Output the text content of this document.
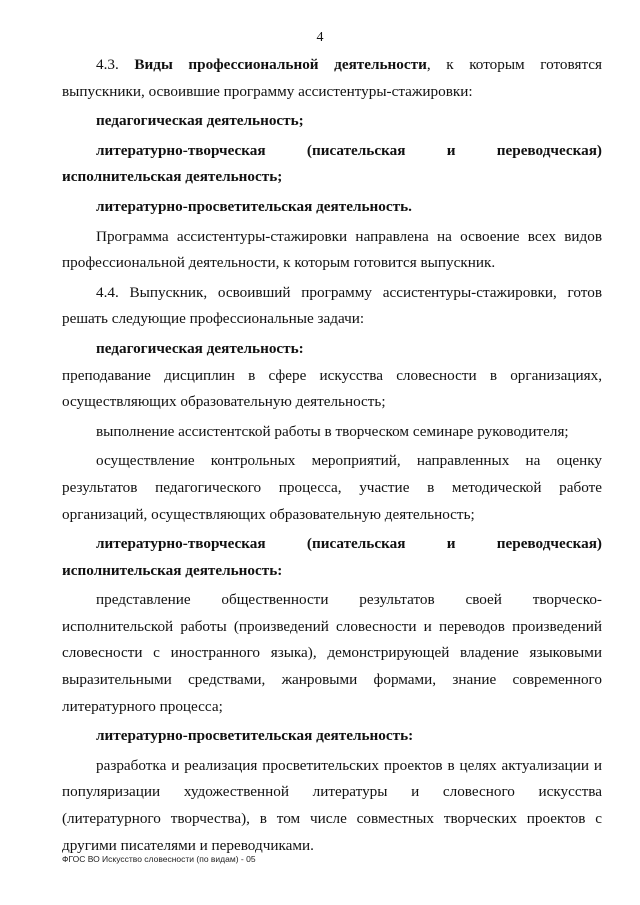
4

4.3. Виды профессиональной деятельности, к которым готовятся выпускники, освоившие программу ассистентуры-стажировки:

педагогическая деятельность;

литературно-творческая (писательская и переводческая)

исполнительская деятельность;

литературно-просветительская деятельность.

Программа ассистентуры-стажировки направлена на освоение всех видов профессиональной деятельности, к которым готовится выпускник.

4.4. Выпускник, освоивший программу ассистентуры-стажировки, готов решать следующие профессиональные задачи:

педагогическая деятельность:

преподавание дисциплин в сфере искусства словесности в организациях, осуществляющих образовательную деятельность;

выполнение ассистентской работы в творческом семинаре руководителя;

осуществление контрольных мероприятий, направленных на оценку результатов педагогического процесса, участие в методической работе организаций, осуществляющих образовательную деятельность;

литературно-творческая (писательская и переводческая)

исполнительская деятельность:

представление общественности результатов своей творческо-исполнительской работы (произведений словесности и переводов произведений словесности с иностранного языка), демонстрирующей владение языковыми выразительными средствами, жанровыми формами, знание современного литературного процесса;

литературно-просветительская деятельность:

разработка и реализация просветительских проектов в целях актуализации и популяризации художественной литературы и словесного искусства (литературного творчества), в том числе совместных творческих проектов с другими писателями и переводчиками.

ФГОС ВО Искусство словесности (по видам) - 05
